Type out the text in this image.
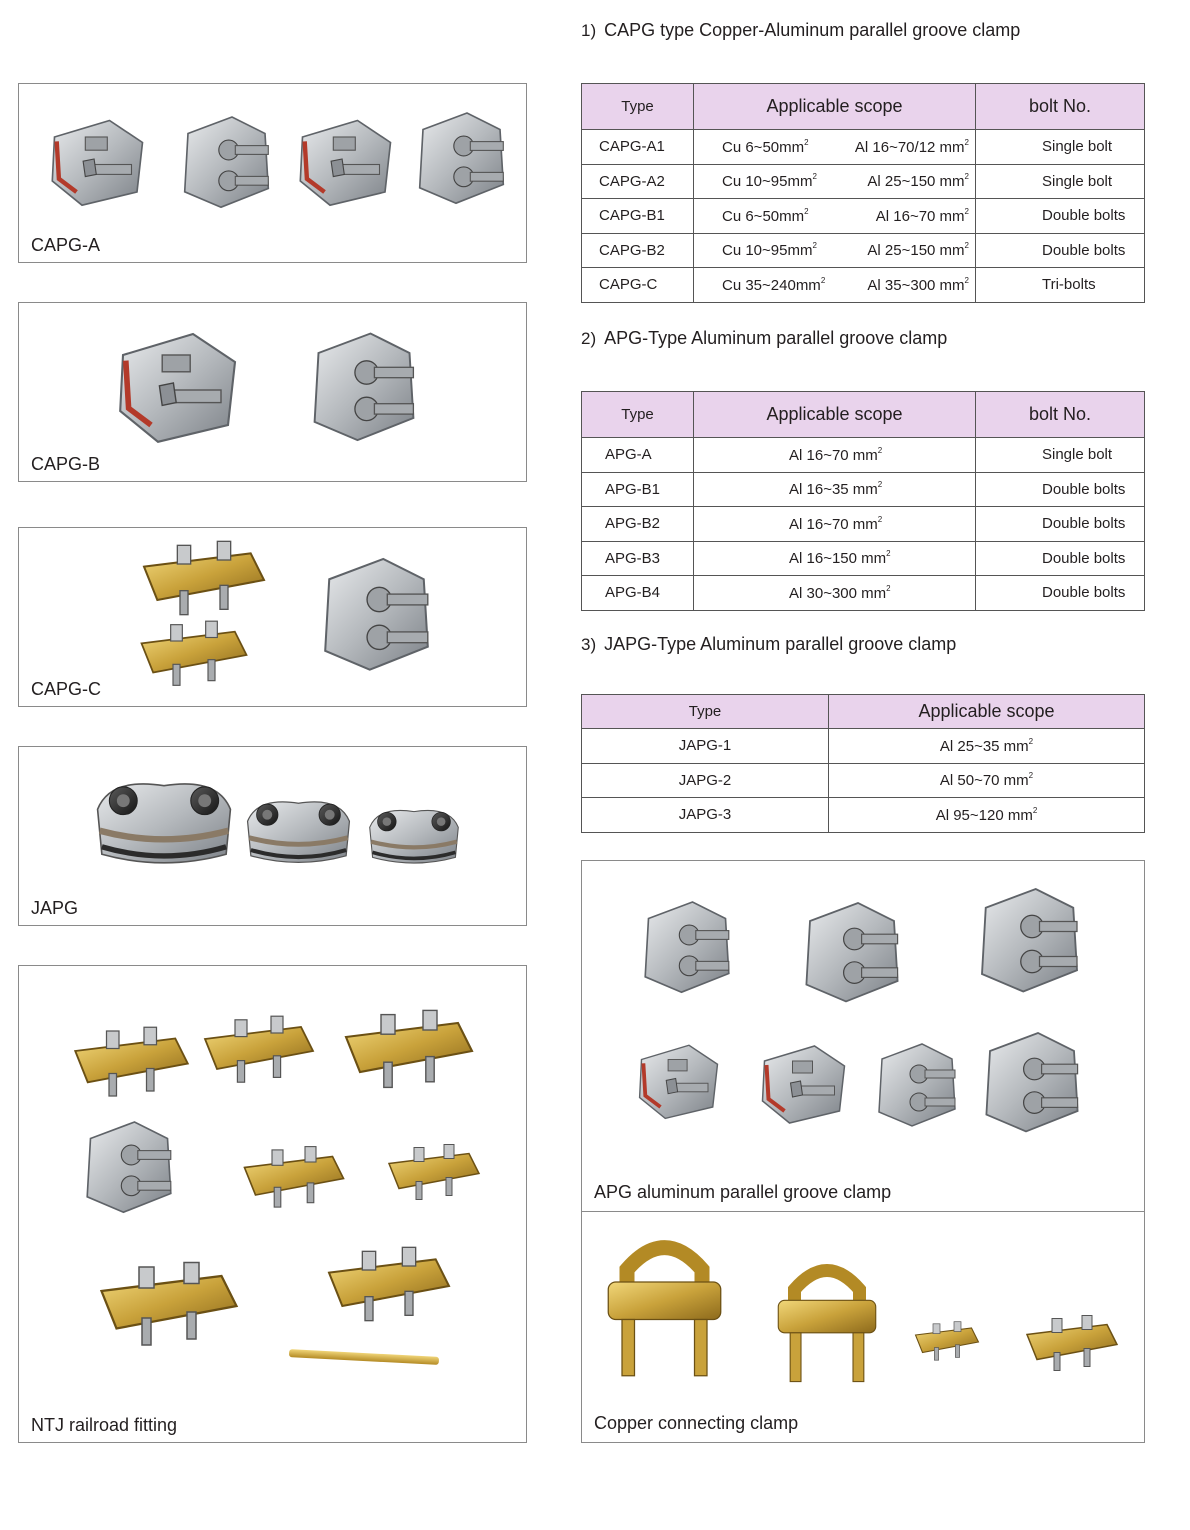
CAPG-A
CAPG-B
CAPG-C
JAPG
NTJ railroad fitting
1) CAPG type Copper-Aluminum parallel groove clamp
Type	Applicable scope	bolt No.
CAPG-A1	Cu $6\sim 50mm^2$ Al 16~70/12 $mm^2$	Single bolt
CAPG-A2	Cu $10\sim 95mm^2$ Al 25~150 $mm^2$	Single bolt
CAPG-B1	Cu $6\sim 50mm^2$ Al 16~70 $mm^2$	Double bolts
CAPG-B2	Cu $10\sim 95mm^2$ Al 25~150 $mm^2$	Double bolts
CAPG-C	Cu $35\sim 240mm^2$ Al 35~300 $mm^2$	Tri-bolts
2) APG-Type Aluminum parallel groove clamp
Type	Applicable scope	bolt No.
APG-A	Al 16~70 $mm^2$	Single bolt
APG-B1	Al 16~35 $mm^2$	Double bolts
APG-B2	Al 16~70 $mm^2$	Double bolts
APG-B3	Al 16~150 $mm^2$	Double bolts
APG-B4	Al 30~300 $mm^2$	Double bolts
3) JAPG-Type Aluminum parallel groove clamp
Type	Applicable scope
JAPG-1	Al 25~35 $mm^2$
JAPG-2	Al 50~70 $mm^2$
JAPG-3	Al 95~120 $mm^2$
APG aluminum parallel groove clamp
Copper connecting clamp
